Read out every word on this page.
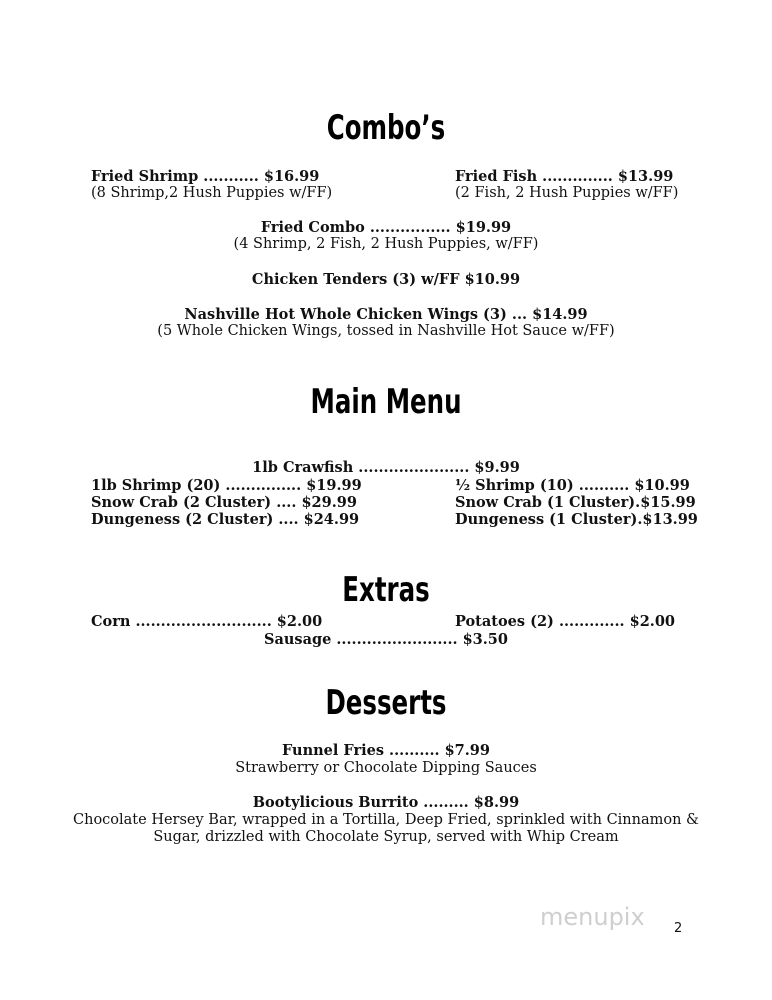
Combo’s
Fried Shrimp ........... $16.99
(8 Shrimp,2 Hush Puppies w/FF)
Fried Fish .............. $13.99
(2 Fish, 2 Hush Puppies w/FF)
Fried Combo ................ $19.99
(4 Shrimp, 2 Fish, 2 Hush Puppies, w/FF)
Chicken Tenders (3) w/FF $10.99
Nashville Hot Whole Chicken Wings (3) ... $14.99
(5 Whole Chicken Wings, tossed in Nashville Hot Sauce w/FF)
Main Menu
1lb Crawfish ...................... $9.99
1lb Shrimp (20) ............... $19.99	½ Shrimp (10) .......... $10.99
Snow Crab (2 Cluster) .... $29.99	Snow Crab (1 Cluster).$15.99
Dungeness (2 Cluster) .... $24.99	Dungeness (1 Cluster).$13.99
Extras
Corn ........................... $2.00	Potatoes (2) ............. $2.00
Sausage ........................ $3.50
Desserts
Funnel Fries .......... $7.99
Strawberry or Chocolate Dipping Sauces
Bootylicious Burrito ......... $8.99
Chocolate Hersey Bar, wrapped in a Tortilla, Deep Fried, sprinkled with Cinnamon &
Sugar, drizzled with Chocolate Syrup, served with Whip Cream
menupix 2
